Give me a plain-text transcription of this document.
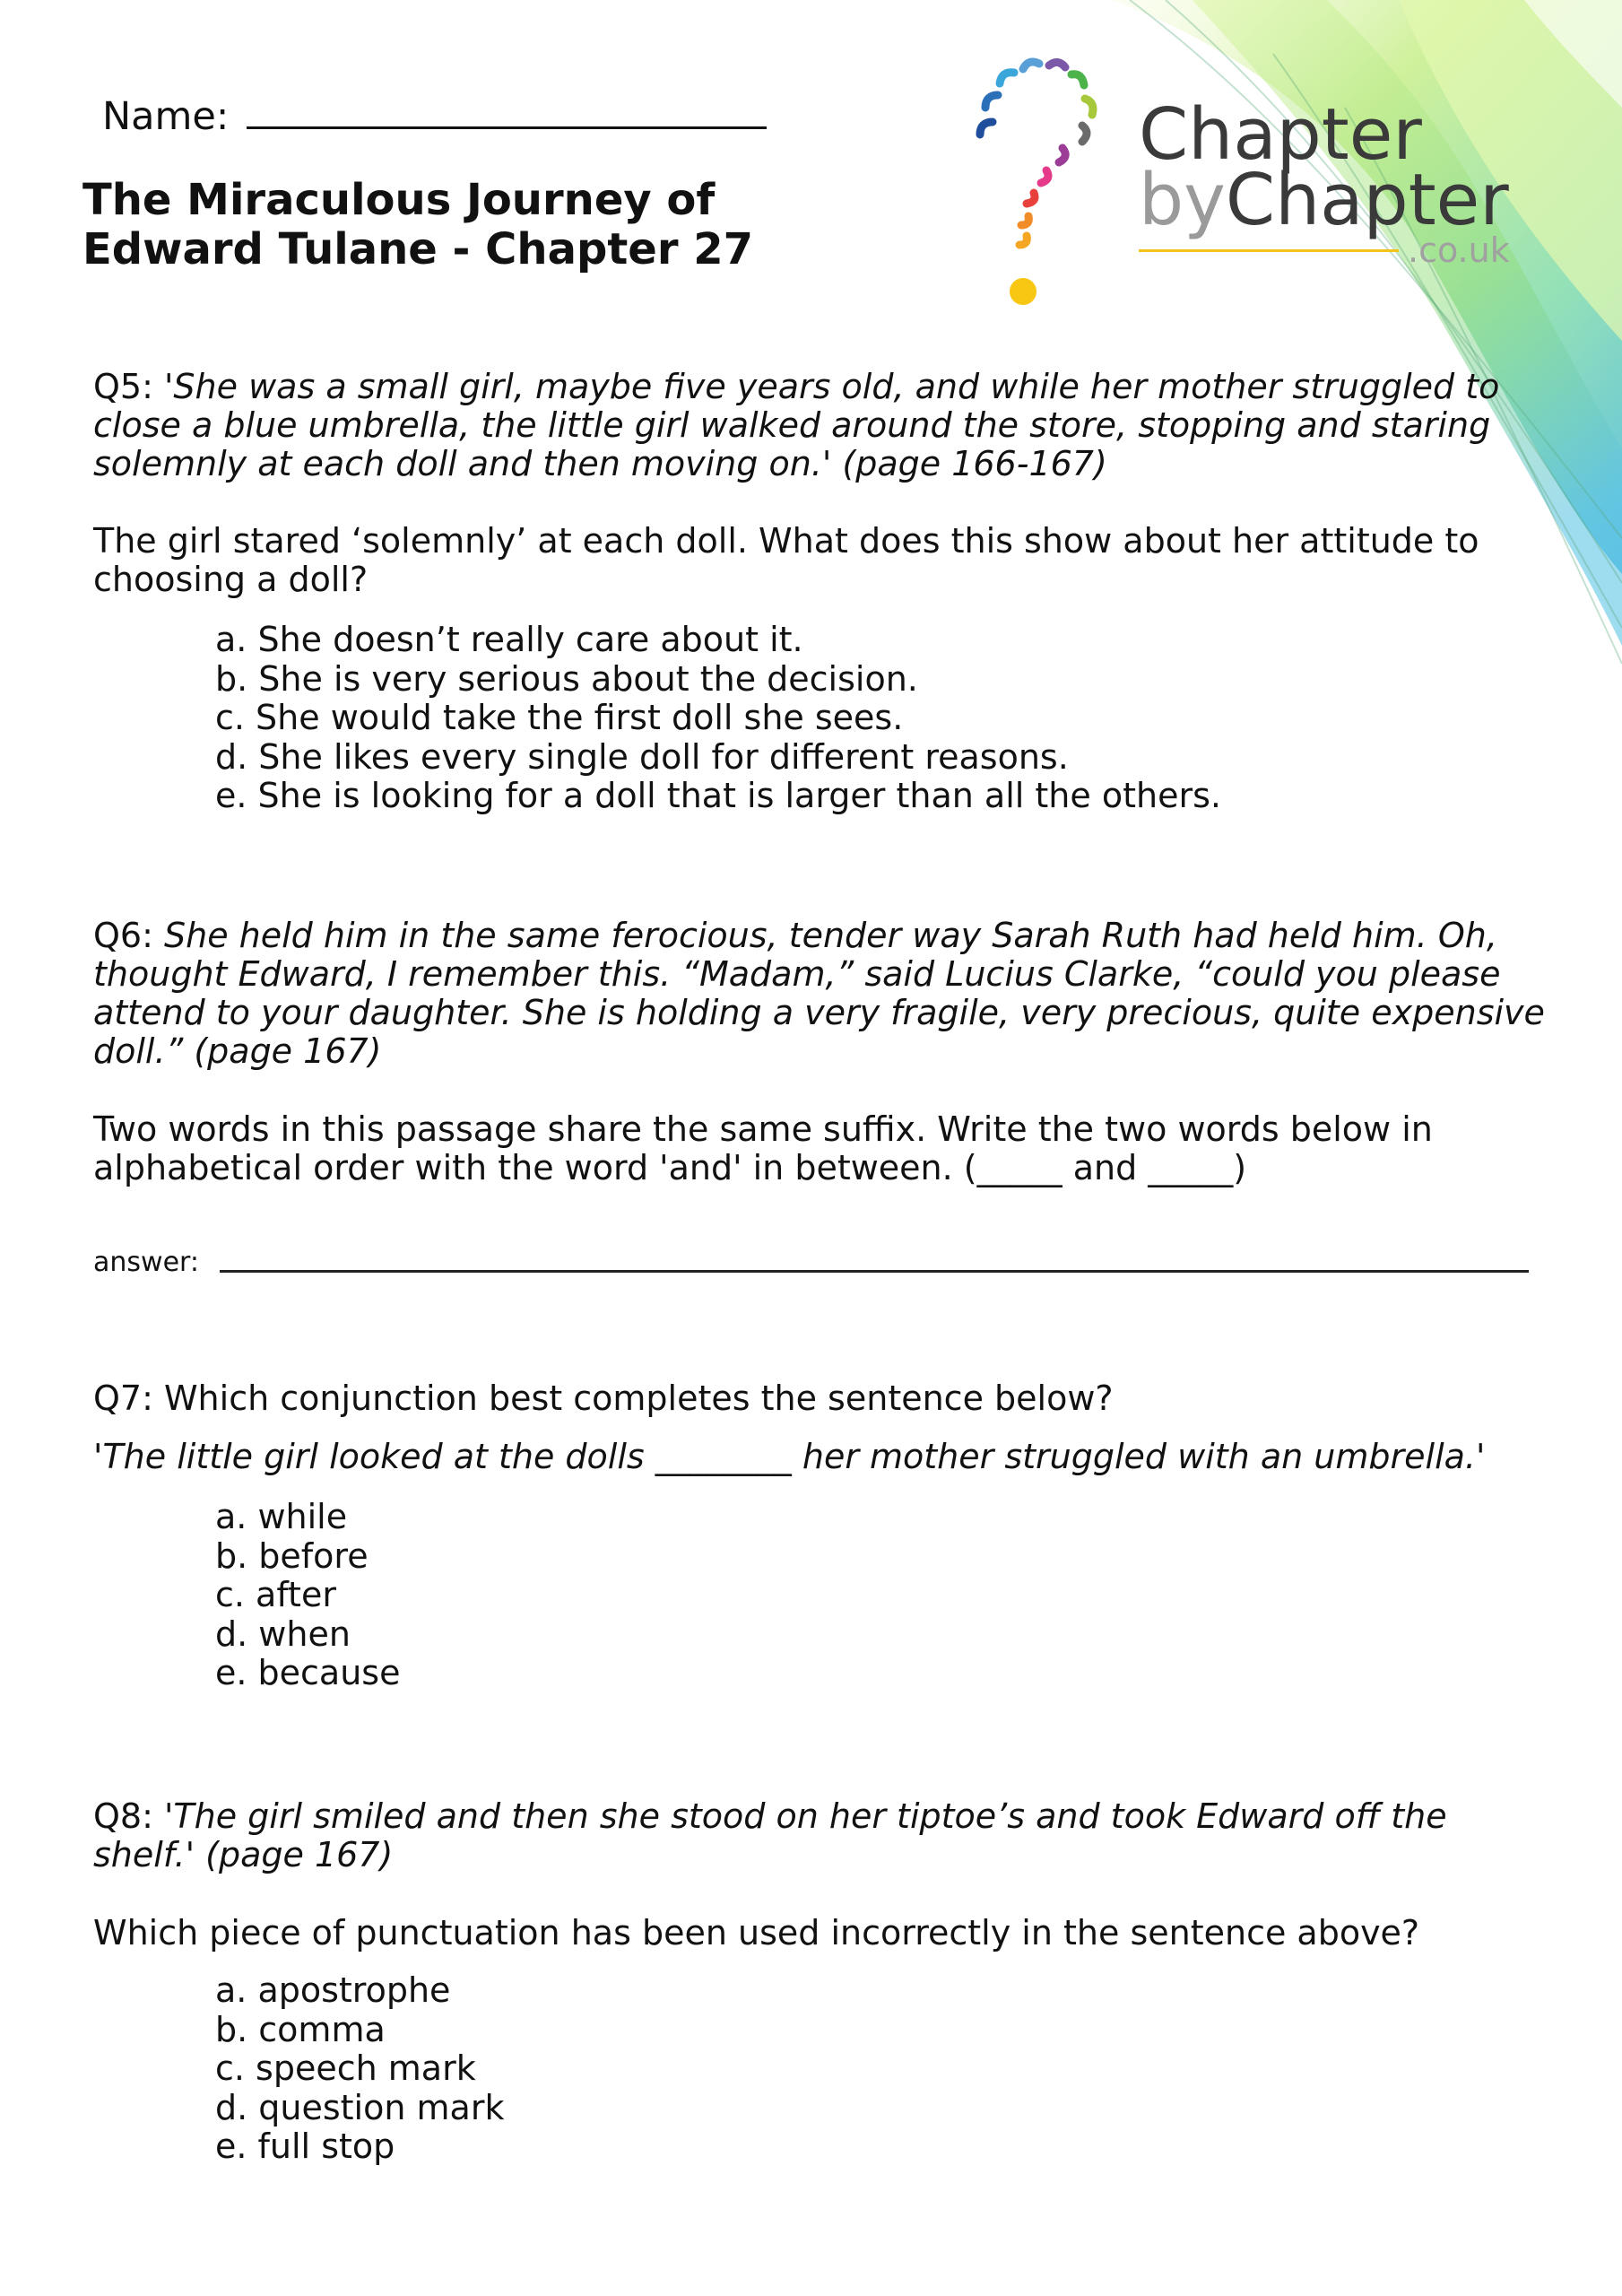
Name:
The Miraculous Journey of
Edward Tulane - Chapter 27
Chapter
byChapter
.co.uk
Q5: 'She was a small girl, maybe five years old, and while her mother struggled to close a blue umbrella, the little girl walked around the store, stopping and staring solemnly at each doll and then moving on.' (page 166-167)
The girl stared ‘solemnly’ at each doll. What does this show about her attitude to choosing a doll?
a. She doesn’t really care about it.
b. She is very serious about the decision.
c. She would take the first doll she sees.
d. She likes every single doll for different reasons.
e. She is looking for a doll that is larger than all the others.
Q6: She held him in the same ferocious, tender way Sarah Ruth had held him. Oh, thought Edward, I remember this. “Madam,” said Lucius Clarke, “could you please attend to your daughter. She is holding a very fragile, very precious, quite expensive doll.” (page 167)
Two words in this passage share the same suffix. Write the two words below in alphabetical order with the word 'and' in between. (_____ and _____)
answer:
Q7: Which conjunction best completes the sentence below?
'The little girl looked at the dolls ________ her mother struggled with an umbrella.'
a. while
b. before
c. after
d. when
e. because
Q8: 'The girl smiled and then she stood on her tiptoe’s and took Edward off the shelf.' (page 167)
Which piece of punctuation has been used incorrectly in the sentence above?
a. apostrophe
b. comma
c. speech mark
d. question mark
e. full stop
